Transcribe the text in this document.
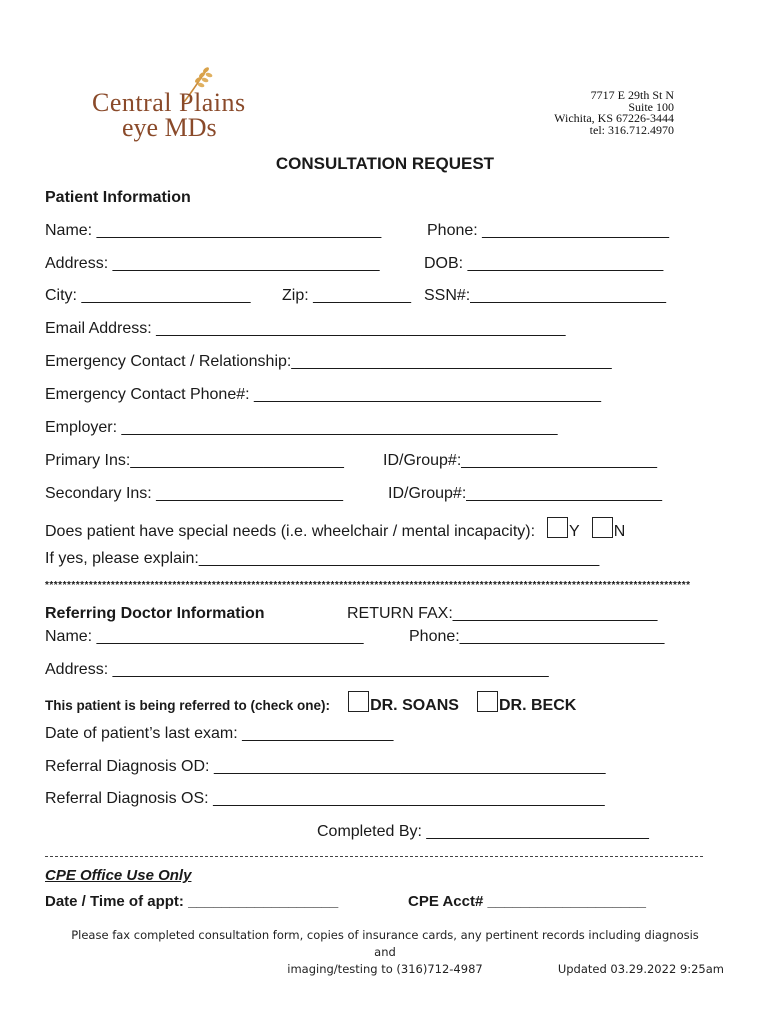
Central Plains
eye MDs
7717 E 29th St N
Suite 100
Wichita, KS 67226-3444
tel: 316.712.4970
CONSULTATION REQUEST
Patient Information
Name: ________________________________	Phone: _____________________
Address: ______________________________	DOB: ______________________
City: ___________________ Zip: ___________ SSN#:______________________
Email Address: ______________________________________________
Emergency Contact / Relationship:____________________________________
Emergency Contact Phone#: _______________________________________
Employer: _________________________________________________
Primary Ins:________________________ ID/Group#:______________________
Secondary Ins: _____________________	ID/Group#:______________________
Does patient have special needs (i.e. wheelchair / mental incapacity): Y N
If yes, please explain:_____________________________________________
***************************************************************************************************************************************************
Referring Doctor Information	RETURN FAX:_______________________
Name: ______________________________	Phone:_______________________
Address: _________________________________________________
This patient is being referred to (check one):	DR. SOANS	DR. BECK
Date of patient’s last exam: _________________
Referral Diagnosis OD: ____________________________________________
Referral Diagnosis OS: ____________________________________________
Completed By: _________________________
CPE Office Use Only
Date / Time of appt: __________________	CPE Acct# ___________________
Please fax completed consultation form, copies of insurance cards, any pertinent records including diagnosis and
imaging/testing to (316)712-4987	Updated 03.29.2022 9:25am
